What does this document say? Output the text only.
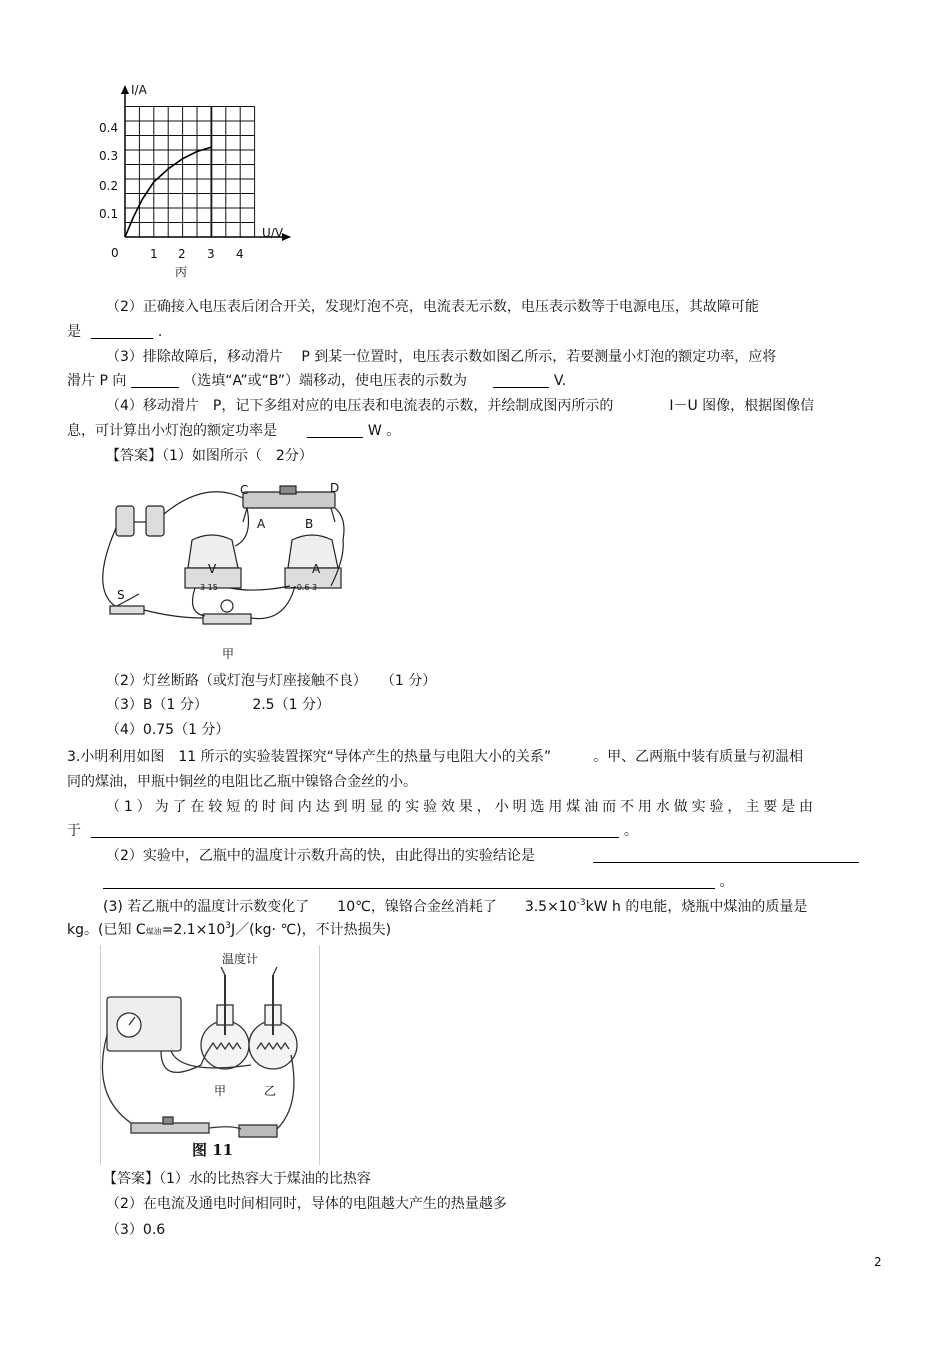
I/A
U/V
0
0.4
0.3
0.2
0.1
1 2 3 4
丙
（2）正确接入电压表后闭合开关，发现灯泡不亮，电流表无示数，电压表示数等于电源电压，其故障可能
是	.
（3）排除故障后，移动滑片　 P 到某一位置时，电压表示数如图乙所示，若要测量小灯泡的额定功率，应将
滑片 P 向	（选填“A”或“B”）端移动，使电压表的示数为	V.
（4）移动滑片　P，记下多组对应的电压表和电流表的示数，并绘制成图丙所示的　　　　I－U 图像，根据图像信
息，可计算出小灯泡的额定功率是	W 。
【答案】（1）如图所示（　2分）
C	D
A	B
V	A
3 15	−0.6 3
S
甲
（2）灯丝断路（或灯泡与灯座接触不良）　　（1 分）
（3）B（1 分）	2.5（1 分）
（4）0.75（1 分）
3.小明利用如图　11 所示的实验装置探究“导体产生的热量与电阻大小的关系”　　　。甲、乙两瓶中装有质量与初温相
同的煤油，甲瓶中铜丝的电阻比乙瓶中镍铬合金丝的小。
（1）为了在较短的时间内达到明显的实验效果，小明选用煤油而不用水做实验，主要是由
于	。
（2）实验中，乙瓶中的温度计示数升高的快，由此得出的实验结论是
。
(3) 若乙瓶中的温度计示数变化了　　10℃，镍铬合金丝消耗了　　$3.5\times 10^{-3}kW$ h 的电能，烧瓶中煤油的质量是
kg。(已知 C煤油$=2.1\times 10^3J/(kg\cdot$ ℃)，不计热损失)
温度计
甲	乙
图 11
【答案】（1）水的比热容大于煤油的比热容
（2）在电流及通电时间相同时，导体的电阻越大产生的热量越多
（3）0.6
2
